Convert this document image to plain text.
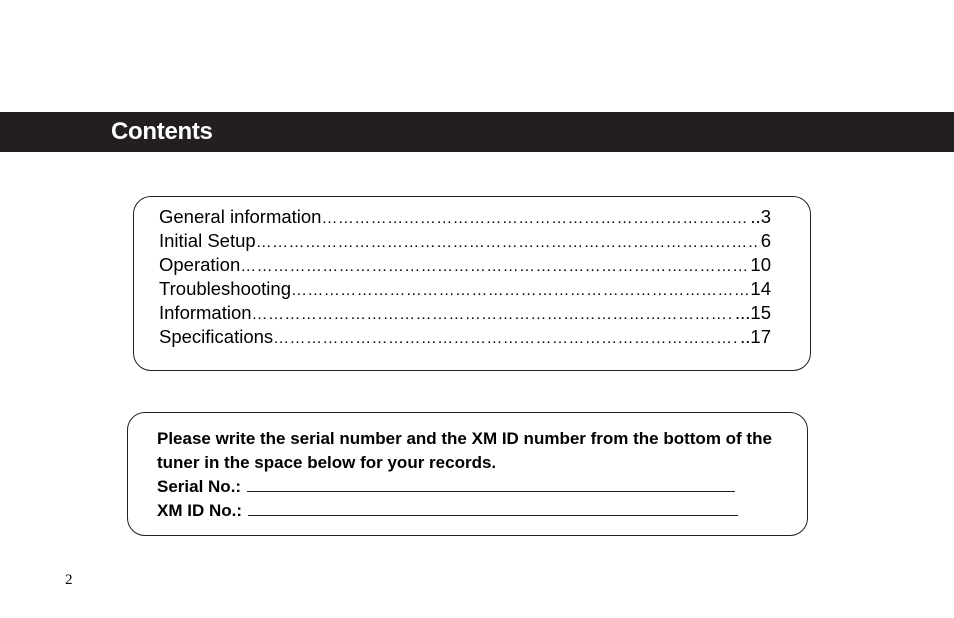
Contents
General information ……………………………………………………………………………………………………………………………………	..3
Initial Setup ……………………………………………………………………………………………………………………………………	6
Operation ……………………………………………………………………………………………………………………………………	10
Troubleshooting ……………………………………………………………………………………………………………………………………	14
Information ……………………………………………………………………………………………………………………………………	...15
Specifications ……………………………………………………………………………………………………………………………………	..17

Please write the serial number and the XM ID number from the bottom of the tuner in the space below for your records.

Serial No.:
XM ID No.:
2
